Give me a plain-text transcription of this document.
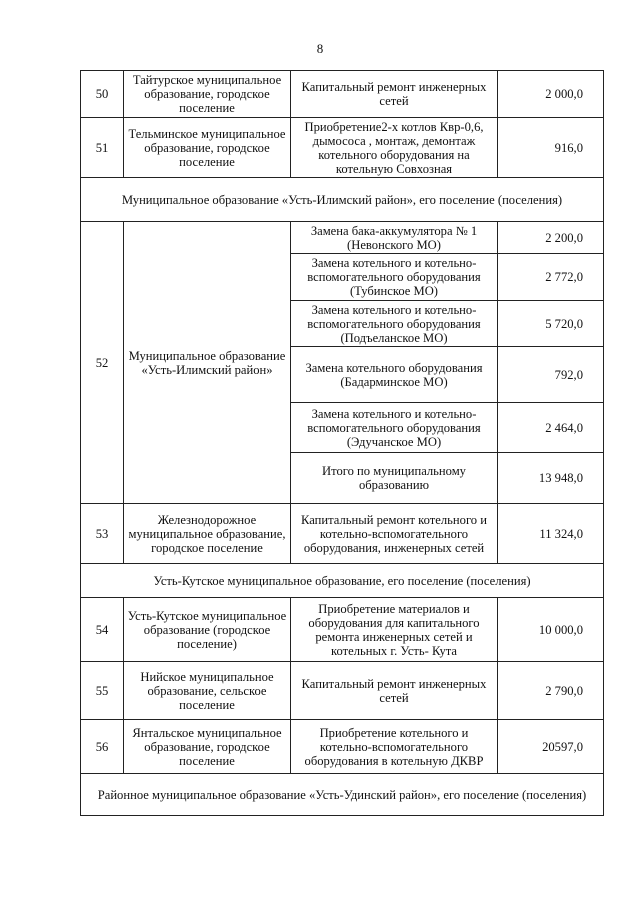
8
50	Тайтурское муниципальное образование, городское поселение	Капитальный ремонт инженерных сетей	2 000,0
51	Тельминское муниципальное образование, городское поселение	Приобретение2-х котлов Квр-0,6, дымососа , монтаж, демонтаж котельного оборудования на котельную Совхозная	916,0
Муниципальное образование «Усть-Илимский район», его поселение (поселения)			
52	Муниципальное образование «Усть-Илимский район»	Замена бака-аккумулятора № 1 (Невонского МО)	2 200,0
		Замена котельного и котельно-вспомогательного оборудования (Тубинское МО)	2 772,0
		Замена котельного и котельно-вспомогательного оборудования (Подъеланское МО)	5 720,0
		Замена котельного оборудования (Бадарминское МО)	792,0
		Замена котельного и котельно-вспомогательного оборудования (Эдучанское МО)	2 464,0
		Итого по муниципальному образованию	13 948,0
53	Железнодорожное муниципальное образование, городское поселение	Капитальный ремонт котельного и котельно-вспомогательного оборудования, инженерных сетей	11 324,0
Усть-Кутское муниципальное образование, его поселение (поселения)			
54	Усть-Кутское муниципальное образование (городское поселение)	Приобретение материалов и оборудования для капитального ремонта инженерных сетей и котельных г. Усть- Кута	10 000,0
55	Нийское муниципальное образование, сельское поселение	Капитальный ремонт инженерных сетей	2 790,0
56	Янтальское муниципальное образование, городское поселение	Приобретение котельного и котельно-вспомогательного оборудования в котельную ДКВР	20597,0
Районное муниципальное образование «Усть-Удинский район», его поселение (поселения)			
